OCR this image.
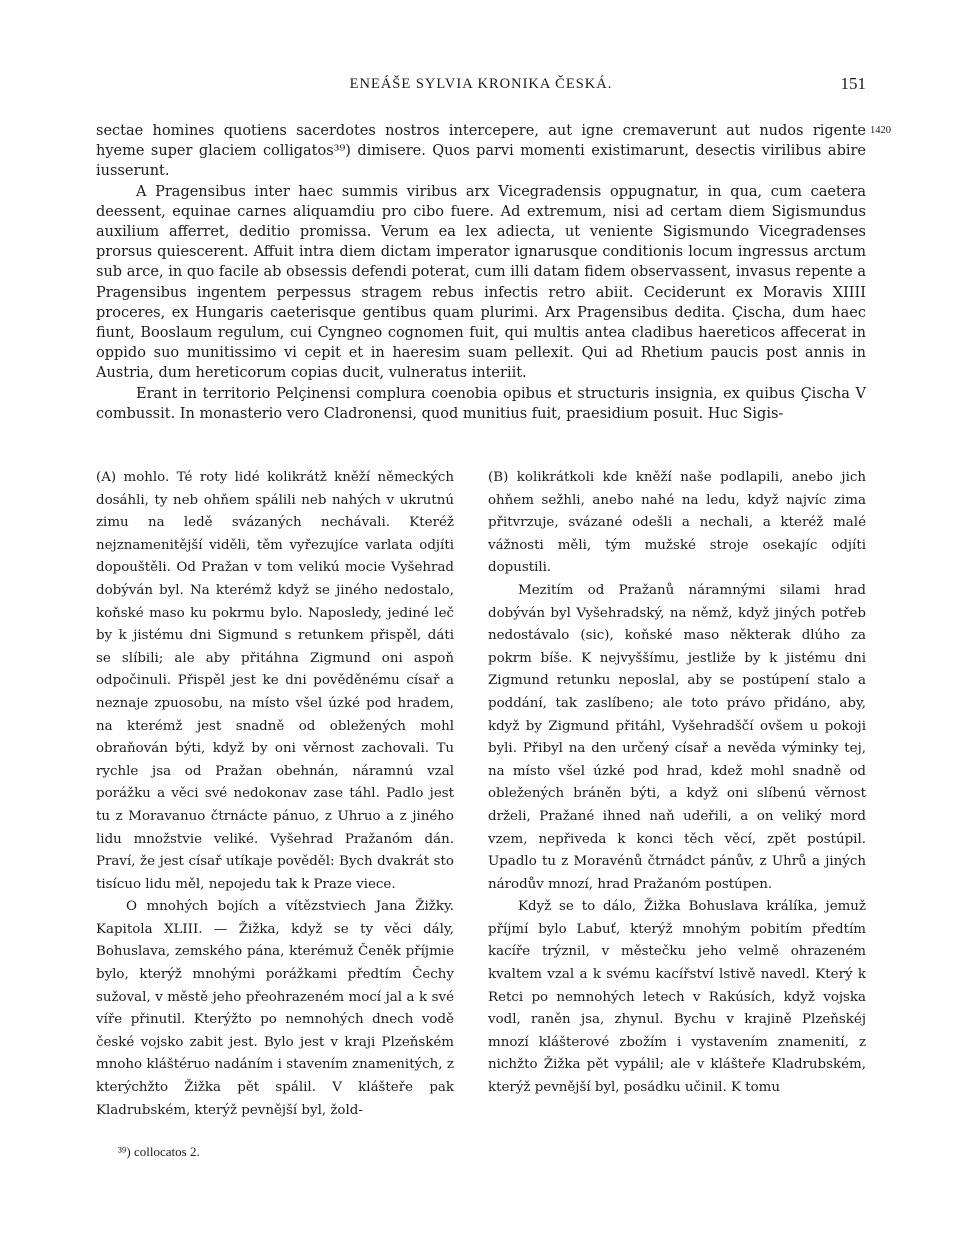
ENEÁŠE SYLVIA KRONIKA ČESKÁ.	151
1420

sectae homines quotiens sacerdotes nostros intercepere, aut igne cremaverunt aut nudos rigente hyeme super glaciem colligatos³⁹) dimisere. Quos parvi momenti existimarunt, desectis virilibus abire iusserunt.

A Pragensibus inter haec summis viribus arx Vicegradensis oppugnatur, in qua, cum caetera deessent, equinae carnes aliquamdiu pro cibo fuere. Ad extremum, nisi ad certam diem Sigismundus auxilium afferret, deditio promissa. Verum ea lex adiecta, ut veniente Sigismundo Vicegradenses prorsus quiescerent. Affuit intra diem dictam imperator ignarusque conditionis locum ingressus arctum sub arce, in quo facile ab obsessis defendi poterat, cum illi datam fidem observassent, invasus repente a Pragensibus ingentem perpessus stragem rebus infectis retro abiit. Ceciderunt ex Moravis XIIII proceres, ex Hungaris caeterisque gentibus quam plurimi. Arx Pragensibus dedita. Çischa, dum haec fiunt, Booslaum regulum, cui Cyngneo cognomen fuit, qui multis antea cladibus haereticos affecerat in oppido suo munitissimo vi cepit et in haeresim suam pellexit. Qui ad Rhetium paucis post annis in Austria, dum hereticorum copias ducit, vulneratus interiit.

Erant in territorio Pelçinensi complura coenobia opibus et structuris insignia, ex quibus Çischa V combussit. In monasterio vero Cladronensi, quod munitius fuit, praesidium posuit. Huc Sigis-

(A) mohlo. Té roty lidé kolikrátž kněží německých dosáhli, ty neb ohňem spálili neb nahých v ukrutnú zimu na ledě svázaných nechávali. Kteréž nejznamenitější viděli, těm vyřezujíce varlata odjíti dopouštěli. Od Pražan v tom velikú mocie Vyšehrad dobýván byl. Na kterémž když se jiného nedostalo, koňské maso ku pokrmu bylo. Naposledy, jediné leč by k jistému dni Sigmund s retunkem přispěl, dáti se slíbili; ale aby přitáhna Zigmund oni aspoň odpočinuli. Přispěl jest ke dni pověděnému císař a neznaje zpuosobu, na místo všel úzké pod hradem, na kterémž jest snadně od obležených mohl obraňován býti, když by oni věrnost zachovali. Tu rychle jsa od Pražan obehnán, náramnú vzal porážku a věci své nedokonav zase táhl. Padlo jest tu z Moravanuo čtrnácte pánuo, z Uhruo a z jiného lidu množstvie veliké. Vyšehrad Pražanóm dán. Praví, že jest císař utíkaje pověděl: Bych dvakrát sto tisícuo lidu měl, nepojedu tak k Praze viece.

O mnohých bojích a vítězstviech Jana Žižky. Kapitola XLIII. — Žižka, když se ty věci dály, Bohuslava, zemského pána, kterémuž Čeněk příjmie bylo, kterýž mnohými porážkami předtím Čechy sužoval, v městě jeho přeohrazeném mocí jal a k své víře přinutil. Kterýžto po nemnohých dnech vodě české vojsko zabit jest. Bylo jest v kraji Plzeňském mnoho kláštéruo nadáním i stavením znamenitých, z kterýchžto Žižka pět spálil. V klášteře pak Kladrubském, kterýž pevnější byl, žold-

(B) kolikrátkoli kde kněží naše podlapili, anebo jich ohňem sežhli, anebo nahé na ledu, když najvíc zima přitvrzuje, svázané odešli a nechali, a kteréž malé vážnosti měli, tým mužské stroje osekajíc odjíti dopustili.

Mezitím od Pražanů náramnými silami hrad dobýván byl Vyšehradský, na němž, když jiných potřeb nedostávalo (sic), koňské maso některak dlúho za pokrm bíše. K nejvyššímu, jestliže by k jistému dni Zigmund retunku neposlal, aby se postúpení stalo a poddání, tak zaslíbeno; ale toto právo přidáno, aby, když by Zigmund přitáhl, Vyšehradščí ovšem u pokoji byli. Přibyl na den určený císař a nevěda výminky tej, na místo všel úzké pod hrad, kdež mohl snadně od obležených bráněn býti, a když oni slíbenú věrnost drželi, Pražané ihned naň udeřili, a on veliký mord vzem, nepřiveda k konci těch věcí, zpět postúpil. Upadlo tu z Moravénů čtrnádct pánův, z Uhrů a jiných národův mnozí, hrad Pražanóm postúpen.

Když se to dálo, Žižka Bohuslava králíka, jemuž příjmí bylo Labuť, kterýž mnohým pobitím předtím kacíře trýznil, v městečku jeho velmě ohrazeném kvaltem vzal a k svému kacířství lstivě navedl. Který k Retci po nemnohých letech v Rakúsích, když vojska vodl, raněn jsa, zhynul. Bychu v krajině Plzeňskéj mnozí klášterové zbožím i vystavením znamenití, z nichžto Žižka pět vypálil; ale v klášteře Kladrubském, kterýž pevnější byl, posádku učinil. K tomu

³⁹) collocatos 2.
